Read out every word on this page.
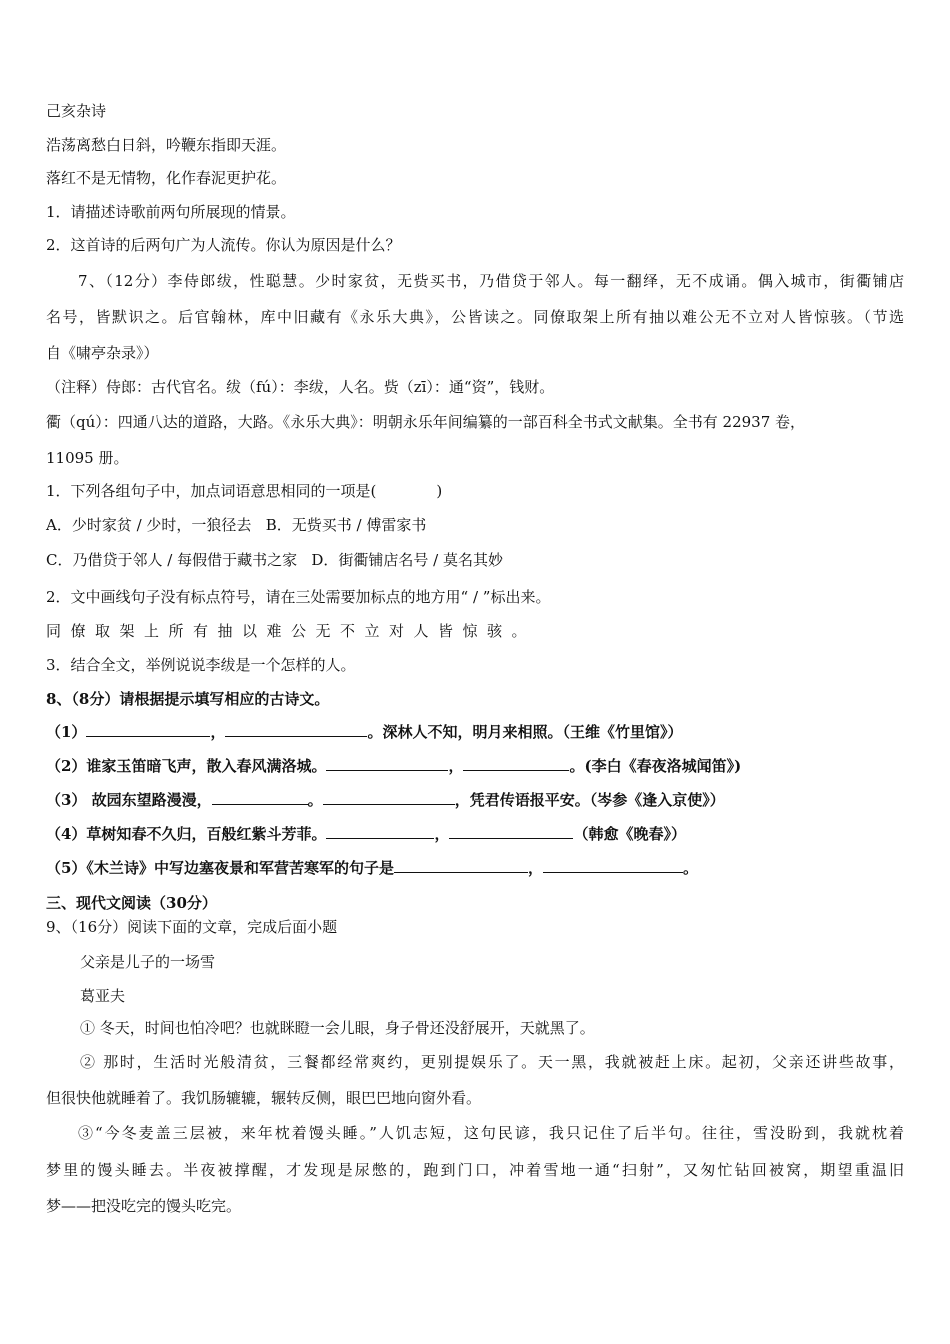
己亥杂诗
浩荡离愁白日斜，吟鞭东指即天涯。
落红不是无情物，化作春泥更护花。
1．请描述诗歌前两句所展现的情景。
2．这首诗的后两句广为人流传。你认为原因是什么？
7、（12分）李侍郎绂，性聪慧。少时家贫，无赀买书，乃借贷于邻人。每一翻绎，无不成诵。偶入城市，街衢铺店
名号，皆默识之。后官翰林，库中旧藏有《永乐大典》，公皆读之。同僚取架上所有抽以难公无不立对人皆惊骇。（节选
自《啸亭杂录》）
（注释）侍郎：古代官名。绂（fú）：李绂，人名。赀（zī）：通“资”，钱财。
衢（qú）：四通八达的道路，大路。《永乐大典》：明朝永乐年间编纂的一部百科全书式文献集。全书有 22937 卷，
11095 册。
1．下列各组句子中，加点词语意思相同的一项是(　　　　)
A．少时家贫 / 少时，一狼径去 B．无赀买书 / 傅雷家书
C．乃借贷于邻人 / 每假借于藏书之家 D．街衢铺店名号 / 莫名其妙
2．文中画线句子没有标点符号，请在三处需要加标点的地方用“ / ”标出来。
同僚取架上所有抽以难公无不立对人皆惊骇。
3．结合全文，举例说说李绂是一个怎样的人。
8、（8分）请根据提示填写相应的古诗文。
（1）	，	。深林人不知，明月来相照。（王维《竹里馆》）
（2）谁家玉笛暗飞声，散入春风满洛城。	，	。(李白《春夜洛城闻笛》)
（3） 故园东望路漫漫，	。	，凭君传语报平安。（岑参《逢入京使》）
（4）草树知春不久归，百般红紫斗芳菲。	，	（韩愈《晚春》）
（5）《木兰诗》中写边塞夜景和军营苦寒军的句子是	，	。
三、现代文阅读（30分）
9、（16分）阅读下面的文章，完成后面小题
父亲是儿子的一场雪
葛亚夫
① 冬天，时间也怕冷吧？也就眯瞪一会儿眼，身子骨还没舒展开，天就黑了。
② 那时，生活时光般清贫，三餐都经常爽约，更别提娱乐了。天一黑，我就被赶上床。起初，父亲还讲些故事，
但很快他就睡着了。我饥肠辘辘，辗转反侧，眼巴巴地向窗外看。
③“今冬麦盖三层被，来年枕着馒头睡。”人饥志短，这句民谚，我只记住了后半句。往往，雪没盼到，我就枕着
梦里的馒头睡去。半夜被撑醒，才发现是尿憋的，跑到门口，冲着雪地一通“扫射”，又匆忙钻回被窝，期望重温旧
梦——把没吃完的馒头吃完。
